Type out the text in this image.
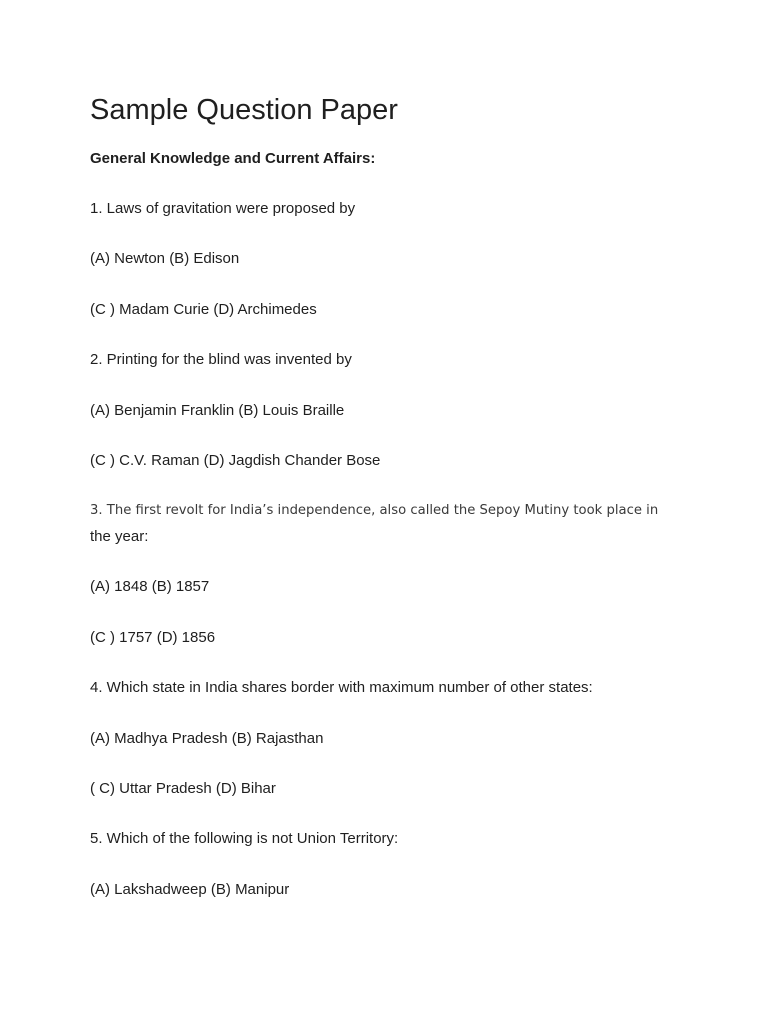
Sample Question Paper
General Knowledge and Current Affairs:

1. Laws of gravitation were proposed by

(A) Newton (B) Edison

(C ) Madam Curie (D) Archimedes

2. Printing for the blind was invented by

(A) Benjamin Franklin (B) Louis Braille

(C ) C.V. Raman (D) Jagdish Chander Bose

3. The first revolt for India’s independence, also called the Sepoy Mutiny took place in

the year:

(A) 1848 (B) 1857

(C ) 1757 (D) 1856

4. Which state in India shares border with maximum number of other states:

(A) Madhya Pradesh (B) Rajasthan

( C) Uttar Pradesh (D) Bihar

5. Which of the following is not Union Territory:

(A) Lakshadweep (B) Manipur
